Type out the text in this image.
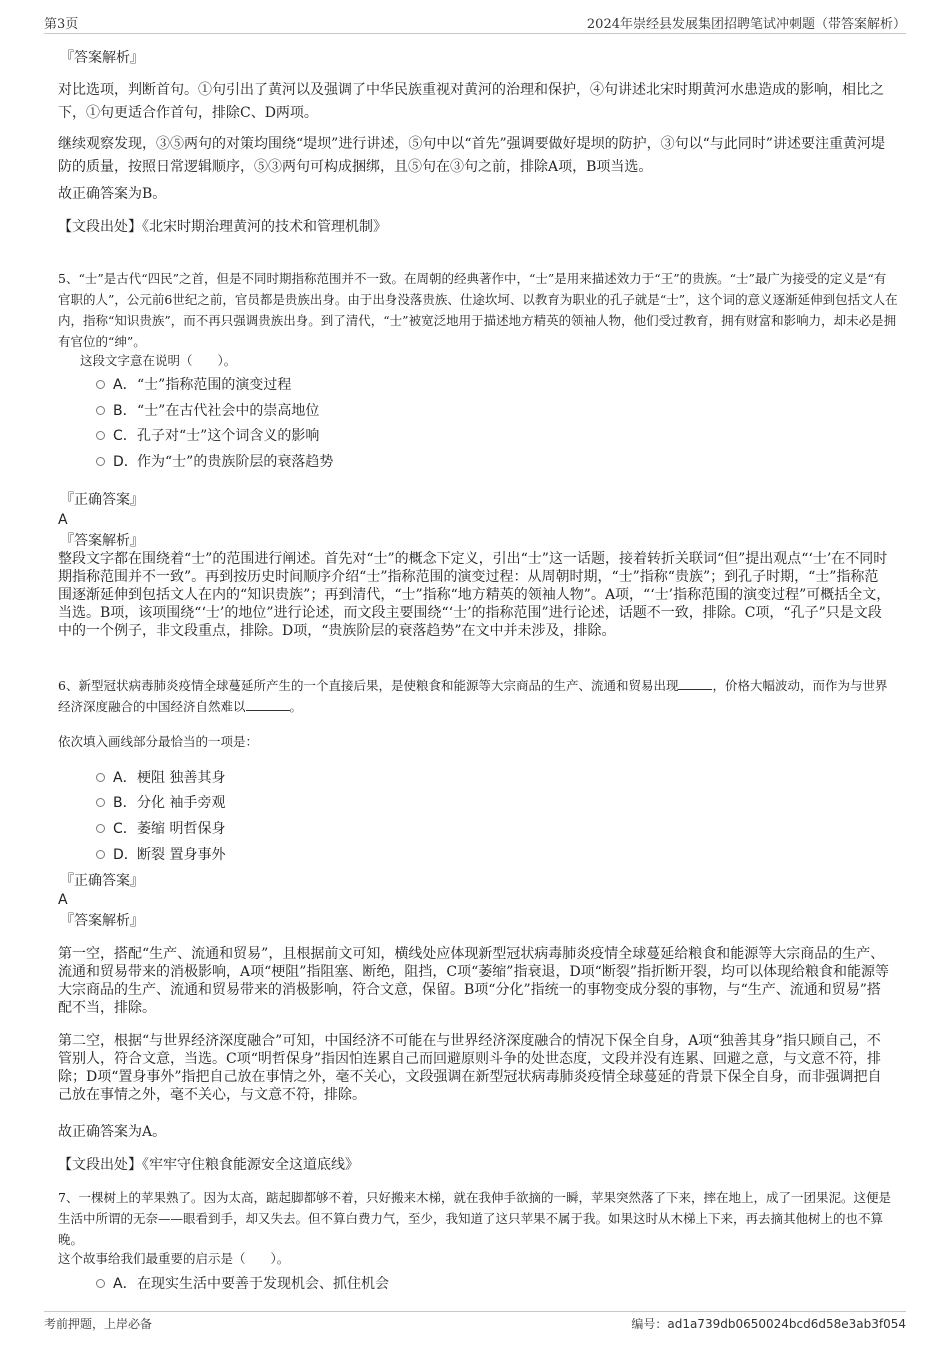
第3页	2024年崇经县发展集团招聘笔试冲刺题（带答案解析）
『答案解析』
对比选项，判断首句。①句引出了黄河以及强调了中华民族重视对黄河的治理和保护，④句讲述北宋时期黄河水患造成的影响，相比之下，①句更适合作首句，排除C、D两项。
继续观察发现，③⑤两句的对策均围绕“堤坝”进行讲述，⑤句中以“首先”强调要做好堤坝的防护，③句以“与此同时”讲述要注重黄河堤防的质量，按照日常逻辑顺序，⑤③两句可构成捆绑，且⑤句在③句之前，排除A项，B项当选。
故正确答案为B。
【文段出处】《北宋时期治理黄河的技术和管理机制》
5、“士”是古代“四民”之首，但是不同时期指称范围并不一致。在周朝的经典著作中，“士”是用来描述效力于“王”的贵族。“士”最广为接受的定义是“有官职的人”，公元前6世纪之前，官员都是贵族出身。由于出身没落贵族、仕途坎坷、以教育为职业的孔子就是“士”，这个词的意义逐渐延伸到包括文人在内，指称“知识贵族”，而不再只强调贵族出身。到了清代，“士”被宽泛地用于描述地方精英的领袖人物，他们受过教育，拥有财富和影响力，却未必是拥有官位的“绅”。
这段文字意在说明（　　）。
A． “士”指称范围的演变过程
B． “士”在古代社会中的崇高地位
C． 孔子对“士”这个词含义的影响
D． 作为“士”的贵族阶层的衰落趋势
『正确答案』
A
『答案解析』
整段文字都在围绕着“士”的范围进行阐述。首先对“士”的概念下定义，引出“士”这一话题，接着转折关联词“但”提出观点“‘士’在不同时期指称范围并不一致”。再到按历史时间顺序介绍“士”指称范围的演变过程：从周朝时期，“士”指称“贵族”；到孔子时期，“士”指称范围逐渐延伸到包括文人在内的“知识贵族”；再到清代，“士”指称“地方精英的领袖人物”。A项，“‘士’指称范围的演变过程”可概括全文，当选。B项，该项围绕“‘士’的地位”进行论述，而文段主要围绕“‘士’的指称范围”进行论述，话题不一致，排除。C项，“孔子”只是文段中的一个例子，非文段重点，排除。D项，“贵族阶层的衰落趋势”在文中并未涉及，排除。
6、新型冠状病毒肺炎疫情全球蔓延所产生的一个直接后果，是使粮食和能源等大宗商品的生产、流通和贸易出现	，价格大幅波动，而作为与世界经济深度融合的中国经济自然难以	。
依次填入画线部分最恰当的一项是：
A． 梗阻 独善其身
B． 分化 袖手旁观
C． 萎缩 明哲保身
D． 断裂 置身事外
『正确答案』
A
『答案解析』
第一空，搭配“生产、流通和贸易”，且根据前文可知，横线处应体现新型冠状病毒肺炎疫情全球蔓延给粮食和能源等大宗商品的生产、流通和贸易带来的消极影响，A项“梗阻”指阻塞、断绝，阻挡，C项“萎缩”指衰退，D项“断裂”指折断开裂，均可以体现给粮食和能源等大宗商品的生产、流通和贸易带来的消极影响，符合文意，保留。B项“分化”指统一的事物变成分裂的事物，与“生产、流通和贸易”搭配不当，排除。
第二空，根据“与世界经济深度融合”可知，中国经济不可能在与世界经济深度融合的情况下保全自身，A项“独善其身”指只顾自己，不管别人，符合文意，当选。C项“明哲保身”指因怕连累自己而回避原则斗争的处世态度，文段并没有连累、回避之意，与文意不符，排除；D项“置身事外”指把自己放在事情之外，毫不关心，文段强调在新型冠状病毒肺炎疫情全球蔓延的背景下保全自身，而非强调把自己放在事情之外，毫不关心，与文意不符，排除。
故正确答案为A。
【文段出处】《牢牢守住粮食能源安全这道底线》
7、一棵树上的苹果熟了。因为太高，踮起脚都够不着，只好搬来木梯，就在我伸手欲摘的一瞬，苹果突然落了下来，摔在地上，成了一团果泥。这便是生活中所谓的无奈——眼看到手，却又失去。但不算白费力气，至少，我知道了这只苹果不属于我。如果这时从木梯上下来，再去摘其他树上的也不算晚。
这个故事给我们最重要的启示是（　　）。
A． 在现实生活中要善于发现机会、抓住机会
考前押题，上岸必备	编号：ad1a739db0650024bcd6d58e3ab3f054
